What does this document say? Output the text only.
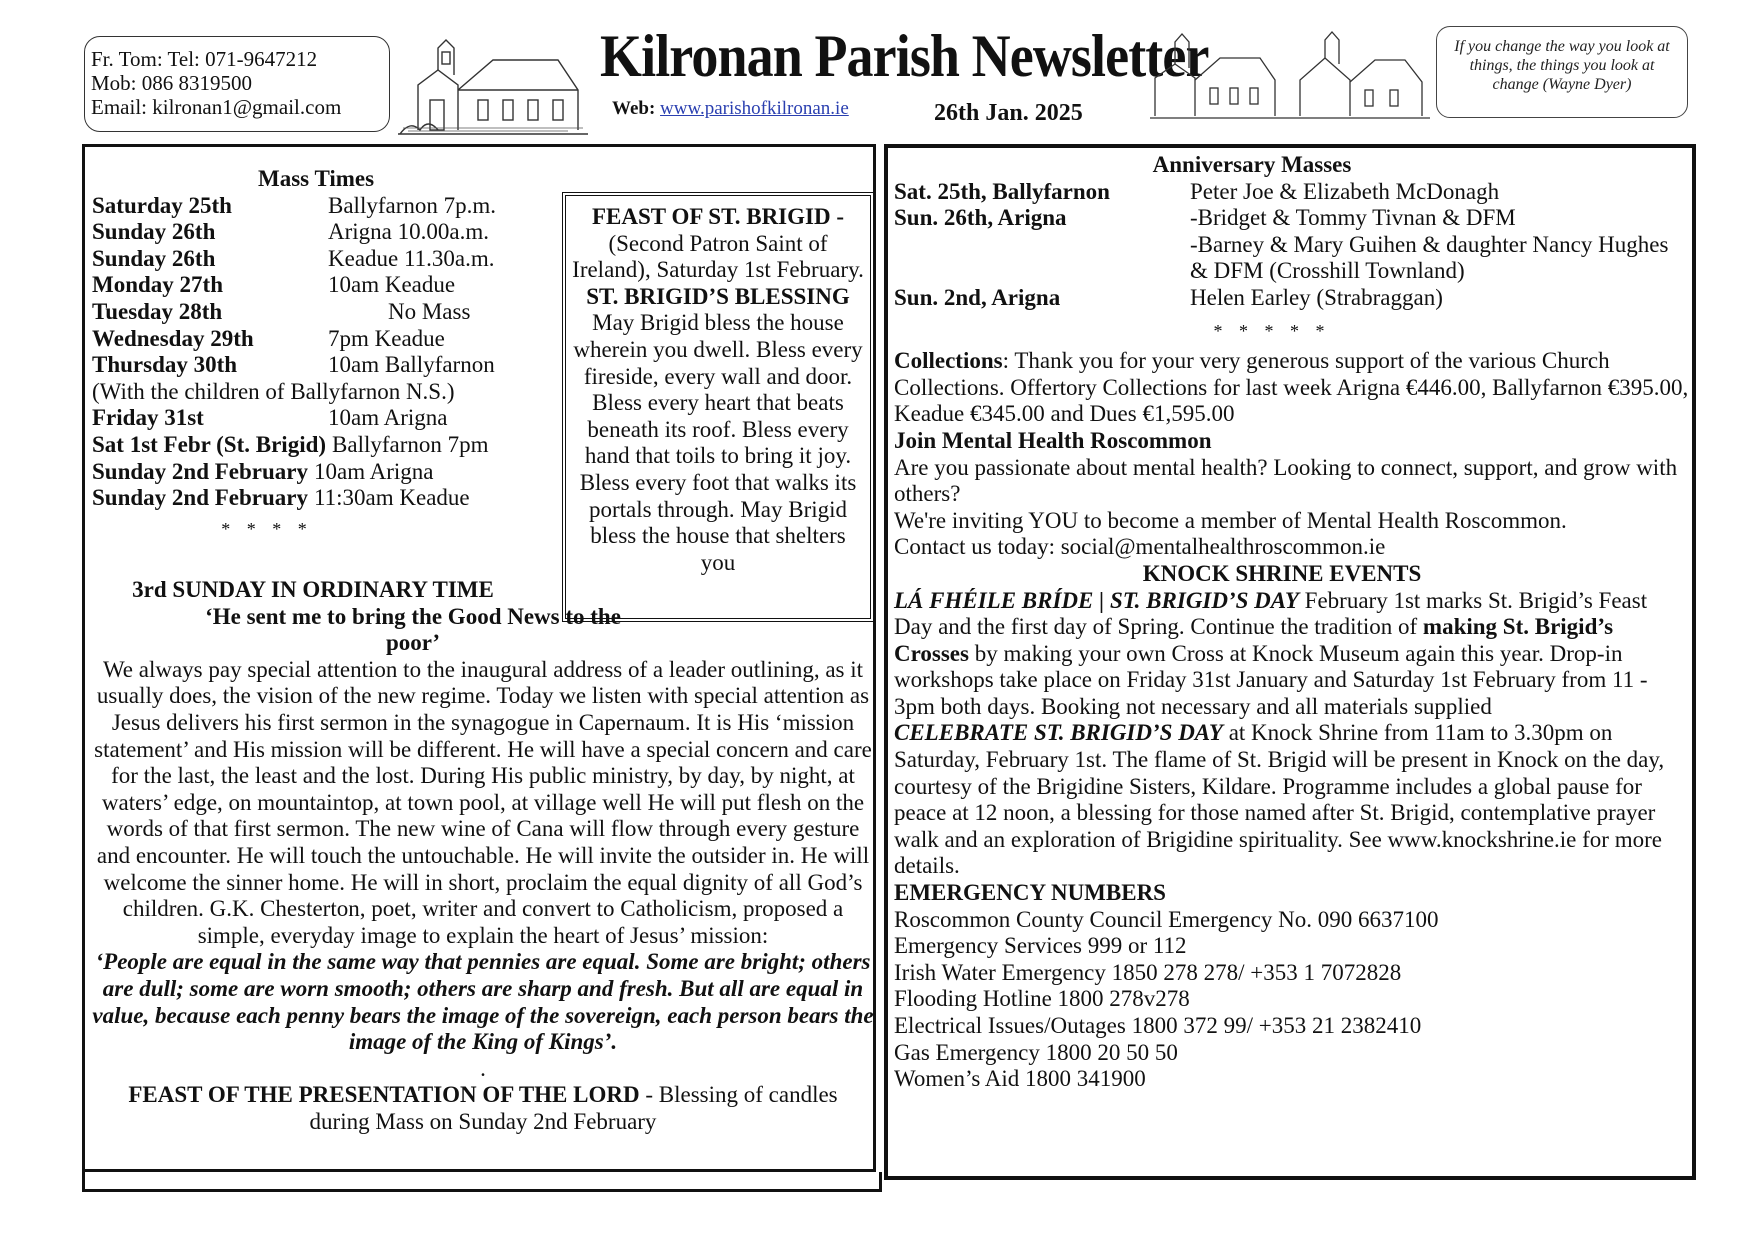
Fr. Tom: Tel: 071-9647212
Mob: 086 8319500
Email: kilronan1@gmail.com
Kilronan Parish Newsletter
Web: www.parishofkilronan.ie	26th Jan. 2025
If you change the way you look at things, the things you look at change (Wayne Dyer)
Mass Times
Saturday 25th	Ballyfarnon 7p.m.
Sunday 26th	Arigna 10.00a.m.
Sunday 26th	Keadue 11.30a.m.
Monday 27th	10am Keadue
Tuesday 28th	No Mass
Wednesday 29th	7pm Keadue
Thursday 30th	10am Ballyfarnon
(With the children of Ballyfarnon N.S.)
Friday 31st	10am Arigna
Sat 1st Febr (St. Brigid) Ballyfarnon 7pm
Sunday 2nd February 10am Arigna
Sunday 2nd February 11:30am Keadue
* * * *
FEAST OF ST. BRIGID - (Second Patron Saint of Ireland), Saturday 1st February.
ST. BRIGID’S BLESSING
May Brigid bless the house wherein you dwell. Bless every fireside, every wall and door. Bless every heart that beats beneath its roof. Bless every hand that toils to bring it joy. Bless every foot that walks its portals through. May Brigid bless the house that shelters you
3rd SUNDAY IN ORDINARY TIME
‘He sent me to bring the Good News to the poor’
We always pay special attention to the inaugural address of a leader outlining, as it usually does, the vision of the new regime. Today we listen with special attention as Jesus delivers his first sermon in the synagogue in Capernaum. It is His ‘mission statement’ and His mission will be different. He will have a special concern and care for the last, the least and the lost. During His public ministry, by day, by night, at waters’ edge, on mountaintop, at town pool, at village well He will put flesh on the words of that first sermon. The new wine of Cana will flow through every gesture and encounter. He will touch the untouchable. He will invite the outsider in. He will welcome the sinner home. He will in short, proclaim the equal dignity of all God’s children. G.K. Chesterton, poet, writer and convert to Catholicism, proposed a simple, everyday image to explain the heart of Jesus’ mission:
‘People are equal in the same way that pennies are equal. Some are bright; others are dull; some are worn smooth; others are sharp and fresh. But all are equal in value, because each penny bears the image of the sovereign, each person bears the image of the King of Kings’.
.
FEAST OF THE PRESENTATION OF THE LORD - Blessing of candles during Mass on Sunday 2nd February
Anniversary Masses
Sat. 25th, Ballyfarnon	Peter Joe & Elizabeth McDonagh
Sun. 26th, Arigna	-Bridget & Tommy Tivnan & DFM
-Barney & Mary Guihen & daughter Nancy Hughes & DFM (Crosshill Townland)
Sun. 2nd, Arigna	Helen Earley (Strabraggan)
* * * * *
Collections: Thank you for your very generous support of the various Church Collections. Offertory Collections for last week Arigna €446.00, Ballyfarnon €395.00, Keadue €345.00 and Dues €1,595.00
Join Mental Health Roscommon
Are you passionate about mental health? Looking to connect, support, and grow with others?
We're inviting YOU to become a member of Mental Health Roscommon.
Contact us today: social@mentalhealthroscommon.ie
KNOCK SHRINE EVENTS
LÁ FHÉILE BRÍDE | ST. BRIGID’S DAY February 1st marks St. Brigid’s Feast Day and the first day of Spring. Continue the tradition of making St. Brigid’s Crosses by making your own Cross at Knock Museum again this year. Drop-in workshops take place on Friday 31st January and Saturday 1st February from 11 - 3pm both days. Booking not necessary and all materials supplied
CELEBRATE ST. BRIGID’S DAY at Knock Shrine from 11am to 3.30pm on Saturday, February 1st. The flame of St. Brigid will be present in Knock on the day, courtesy of the Brigidine Sisters, Kildare. Programme includes a global pause for peace at 12 noon, a blessing for those named after St. Brigid, contemplative prayer walk and an exploration of Brigidine spirituality. See www.knockshrine.ie for more details.
EMERGENCY NUMBERS
Roscommon County Council Emergency No. 090 6637100
Emergency Services 999 or 112
Irish Water Emergency 1850 278 278/ +353 1 7072828
Flooding Hotline 1800 278v278
Electrical Issues/Outages 1800 372 99/ +353 21 2382410
Gas Emergency 1800 20 50 50
Women’s Aid 1800 341900
